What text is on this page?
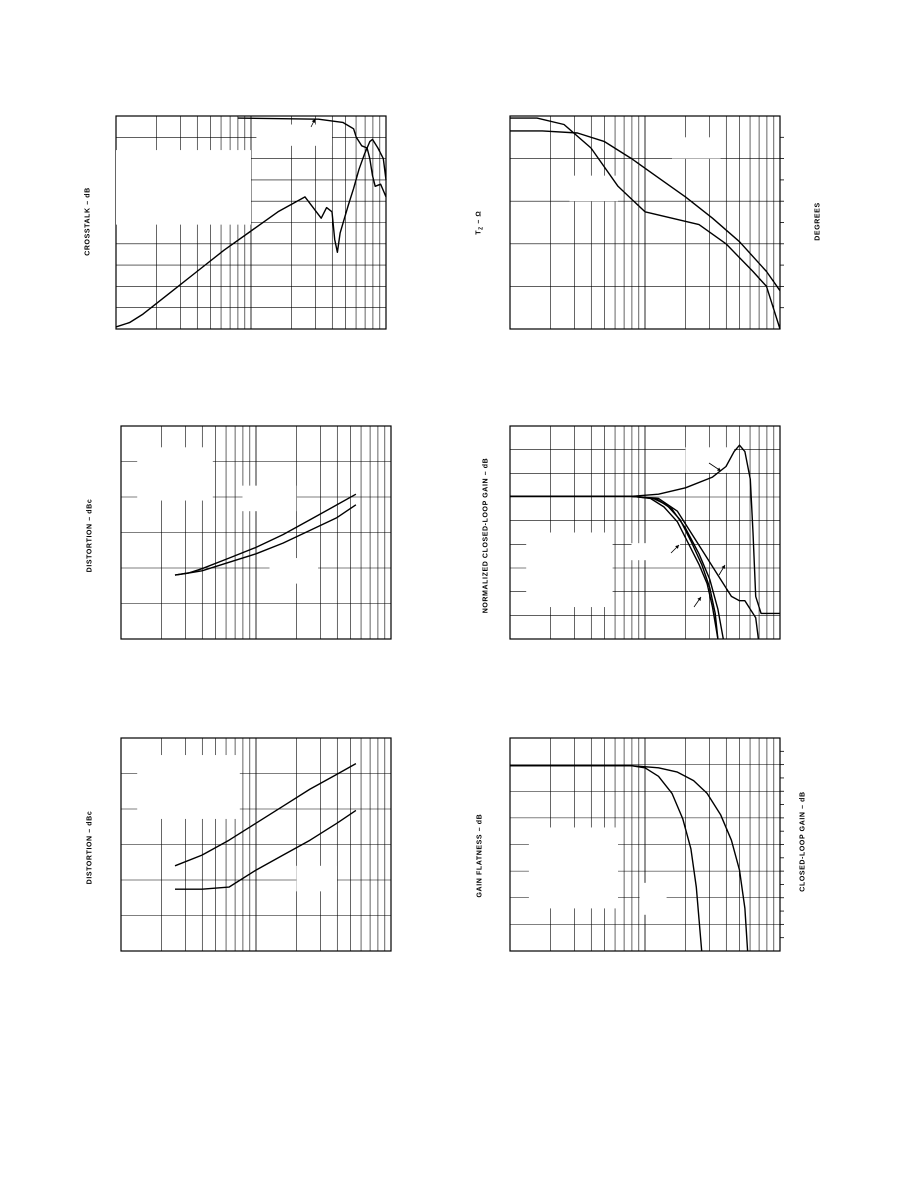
CROSSTALK – dB	$T_Z$ – Ω	DEGREES
DISTORTION – dBc	NORMALIZED CLOSED-LOOP GAIN – dB
DISTORTION – dBc	GAIN FLATNESS – dB	CLOSED-LOOP GAIN – dB
